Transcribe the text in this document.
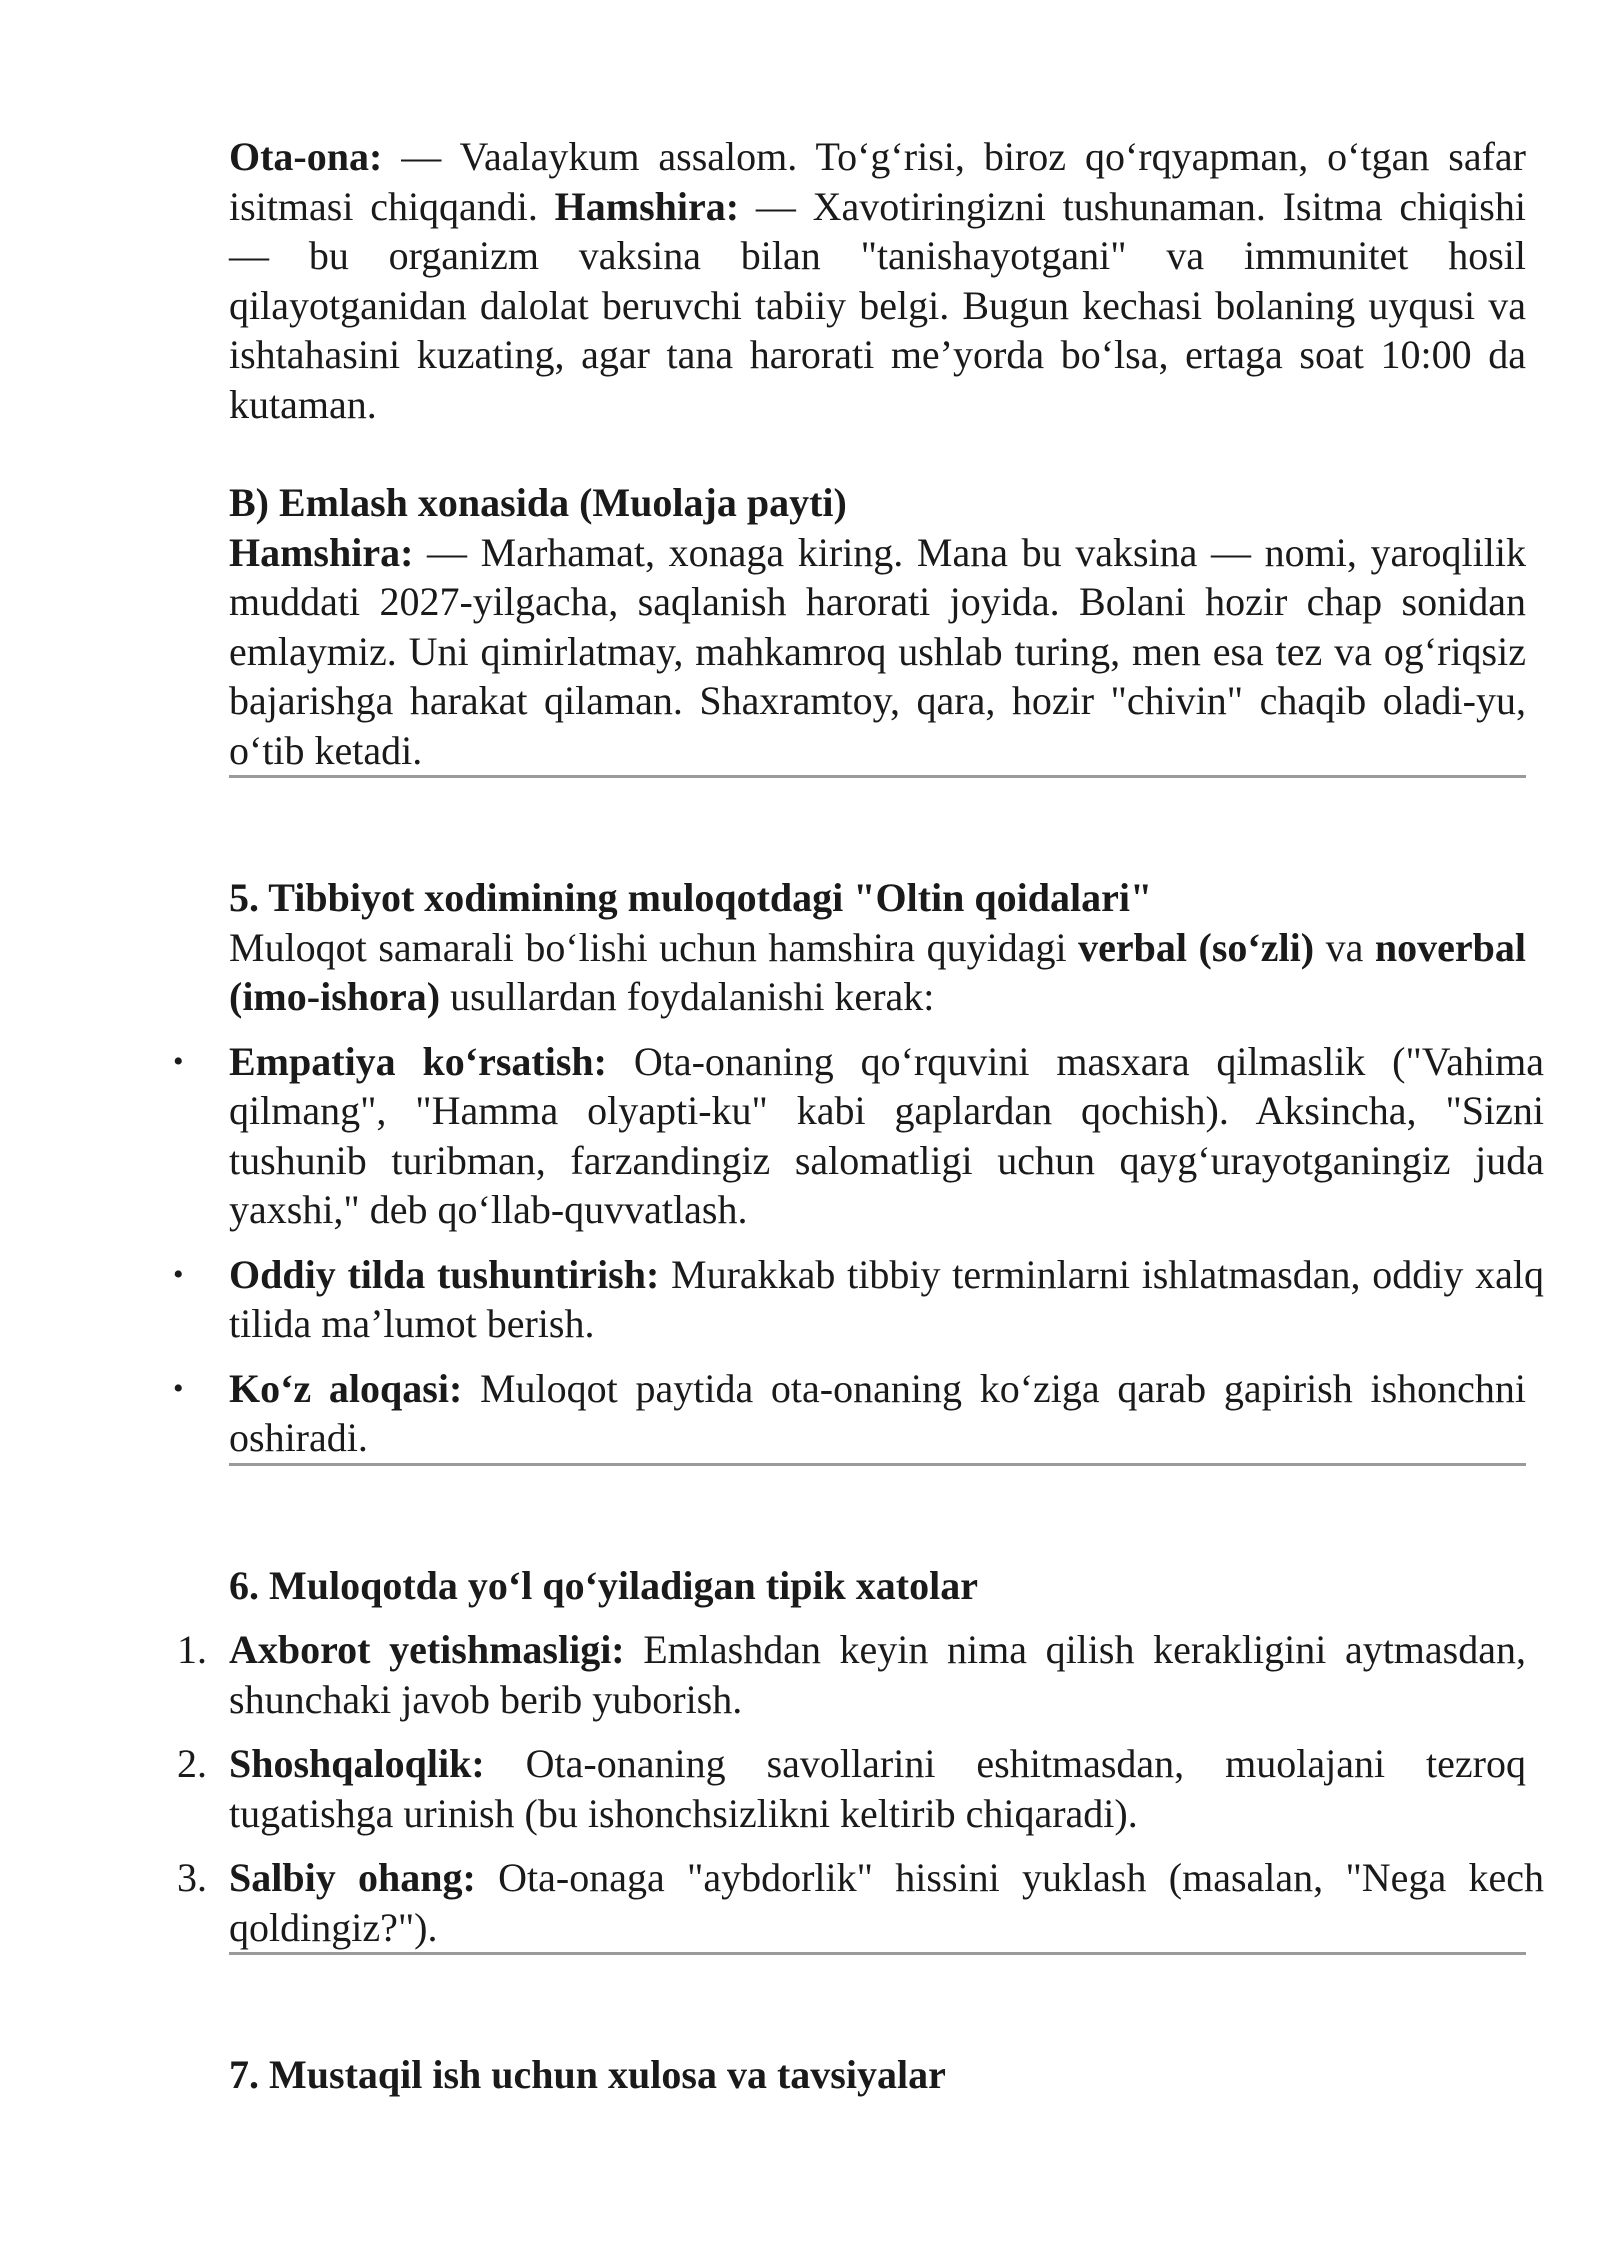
Ota-ona: — Vaalaykum assalom. To‘g‘risi, biroz qo‘rqyapman, o‘tgan safar isitmasi chiqqandi. Hamshira: — Xavotiringizni tushunaman. Isitma chiqishi — bu organizm vaksina bilan "tanishayotgani" va immunitet hosil qilayotganidan dalolat beruvchi tabiiy belgi. Bugun kechasi bolaning uyqusi va ishtahasini kuzating, agar tana harorati me’yorda bo‘lsa, ertaga soat 10:00 da kutaman.

B) Emlash xonasida (Muolaja payti)

Hamshira: — Marhamat, xonaga kiring. Mana bu vaksina — nomi, yaroqlilik muddati 2027-yilgacha, saqlanish harorati joyida. Bolani hozir chap sonidan emlaymiz. Uni qimirlatmay, mahkamroq ushlab turing, men esa tez va og‘riqsiz bajarishga harakat qilaman. Shaxramtoy, qara, hozir "chivin" chaqib oladi-yu, o‘tib ketadi.

5. Tibbiyot xodimining muloqotdagi "Oltin qoidalari"

Muloqot samarali bo‘lishi uchun hamshira quyidagi verbal (so‘zli) va noverbal (imo-ishora) usullardan foydalanishi kerak:

• Empatiya ko‘rsatish: Ota-onaning qo‘rquvini masxara qilmaslik ("Vahima qilmang", "Hamma olyapti-ku" kabi gaplardan qochish). Aksincha, "Sizni tushunib turibman, farzandingiz salomatligi uchun qayg‘urayotganingiz juda yaxshi," deb qo‘llab-quvvatlash.
• Oddiy tilda tushuntirish: Murakkab tibbiy terminlarni ishlatmasdan, oddiy xalq tilida ma’lumot berish.
• Ko‘z aloqasi: Muloqot paytida ota-onaning ko‘ziga qarab gapirish ishonchni oshiradi.

6. Muloqotda yo‘l qo‘yiladigan tipik xatolar

1. Axborot yetishmasligi: Emlashdan keyin nima qilish kerakligini aytmasdan, shunchaki javob berib yuborish.
2. Shoshqaloqlik: Ota-onaning savollarini eshitmasdan, muolajani tezroq tugatishga urinish (bu ishonchsizlikni keltirib chiqaradi).
3. Salbiy ohang: Ota-onaga "aybdorlik" hissini yuklash (masalan, "Nega kech qoldingiz?").

7. Mustaqil ish uchun xulosa va tavsiyalar
